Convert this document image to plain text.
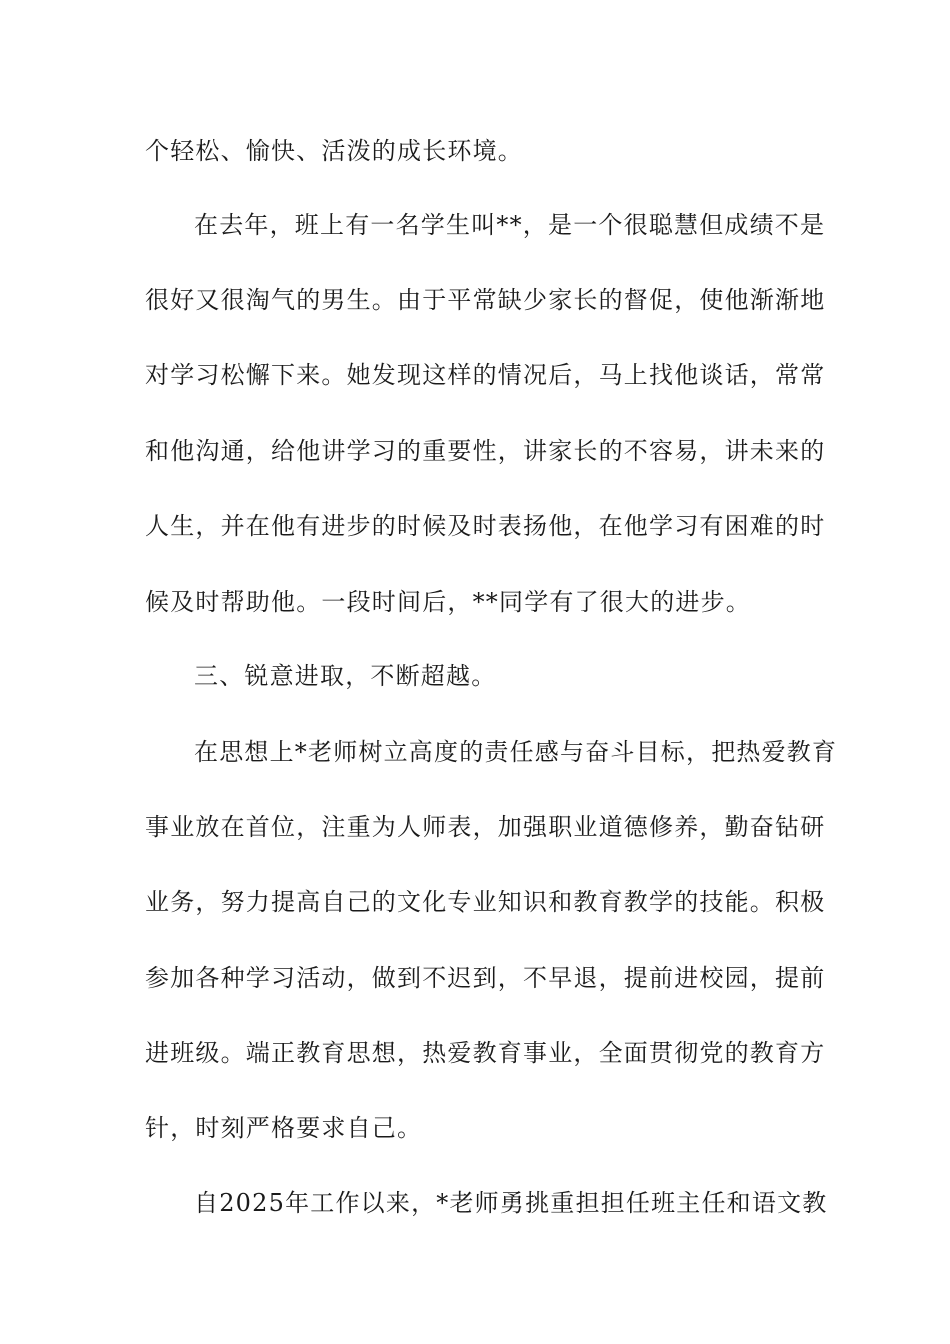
个轻松、愉快、活泼的成长环境。

在去年，班上有一名学生叫**，是一个很聪慧但成绩不是

很好又很淘气的男生。由于平常缺少家长的督促，使他渐渐地

对学习松懈下来。她发现这样的情况后，马上找他谈话，常常

和他沟通，给他讲学习的重要性，讲家长的不容易，讲未来的

人生，并在他有进步的时候及时表扬他，在他学习有困难的时

候及时帮助他。一段时间后，**同学有了很大的进步。

三、锐意进取，不断超越。

在思想上*老师树立高度的责任感与奋斗目标，把热爱教育

事业放在首位，注重为人师表，加强职业道德修养，勤奋钻研

业务，努力提高自己的文化专业知识和教育教学的技能。积极

参加各种学习活动，做到不迟到，不早退，提前进校园，提前

进班级。端正教育思想，热爱教育事业，全面贯彻党的教育方

针，时刻严格要求自己。

自2025年工作以来，*老师勇挑重担担任班主任和语文教
